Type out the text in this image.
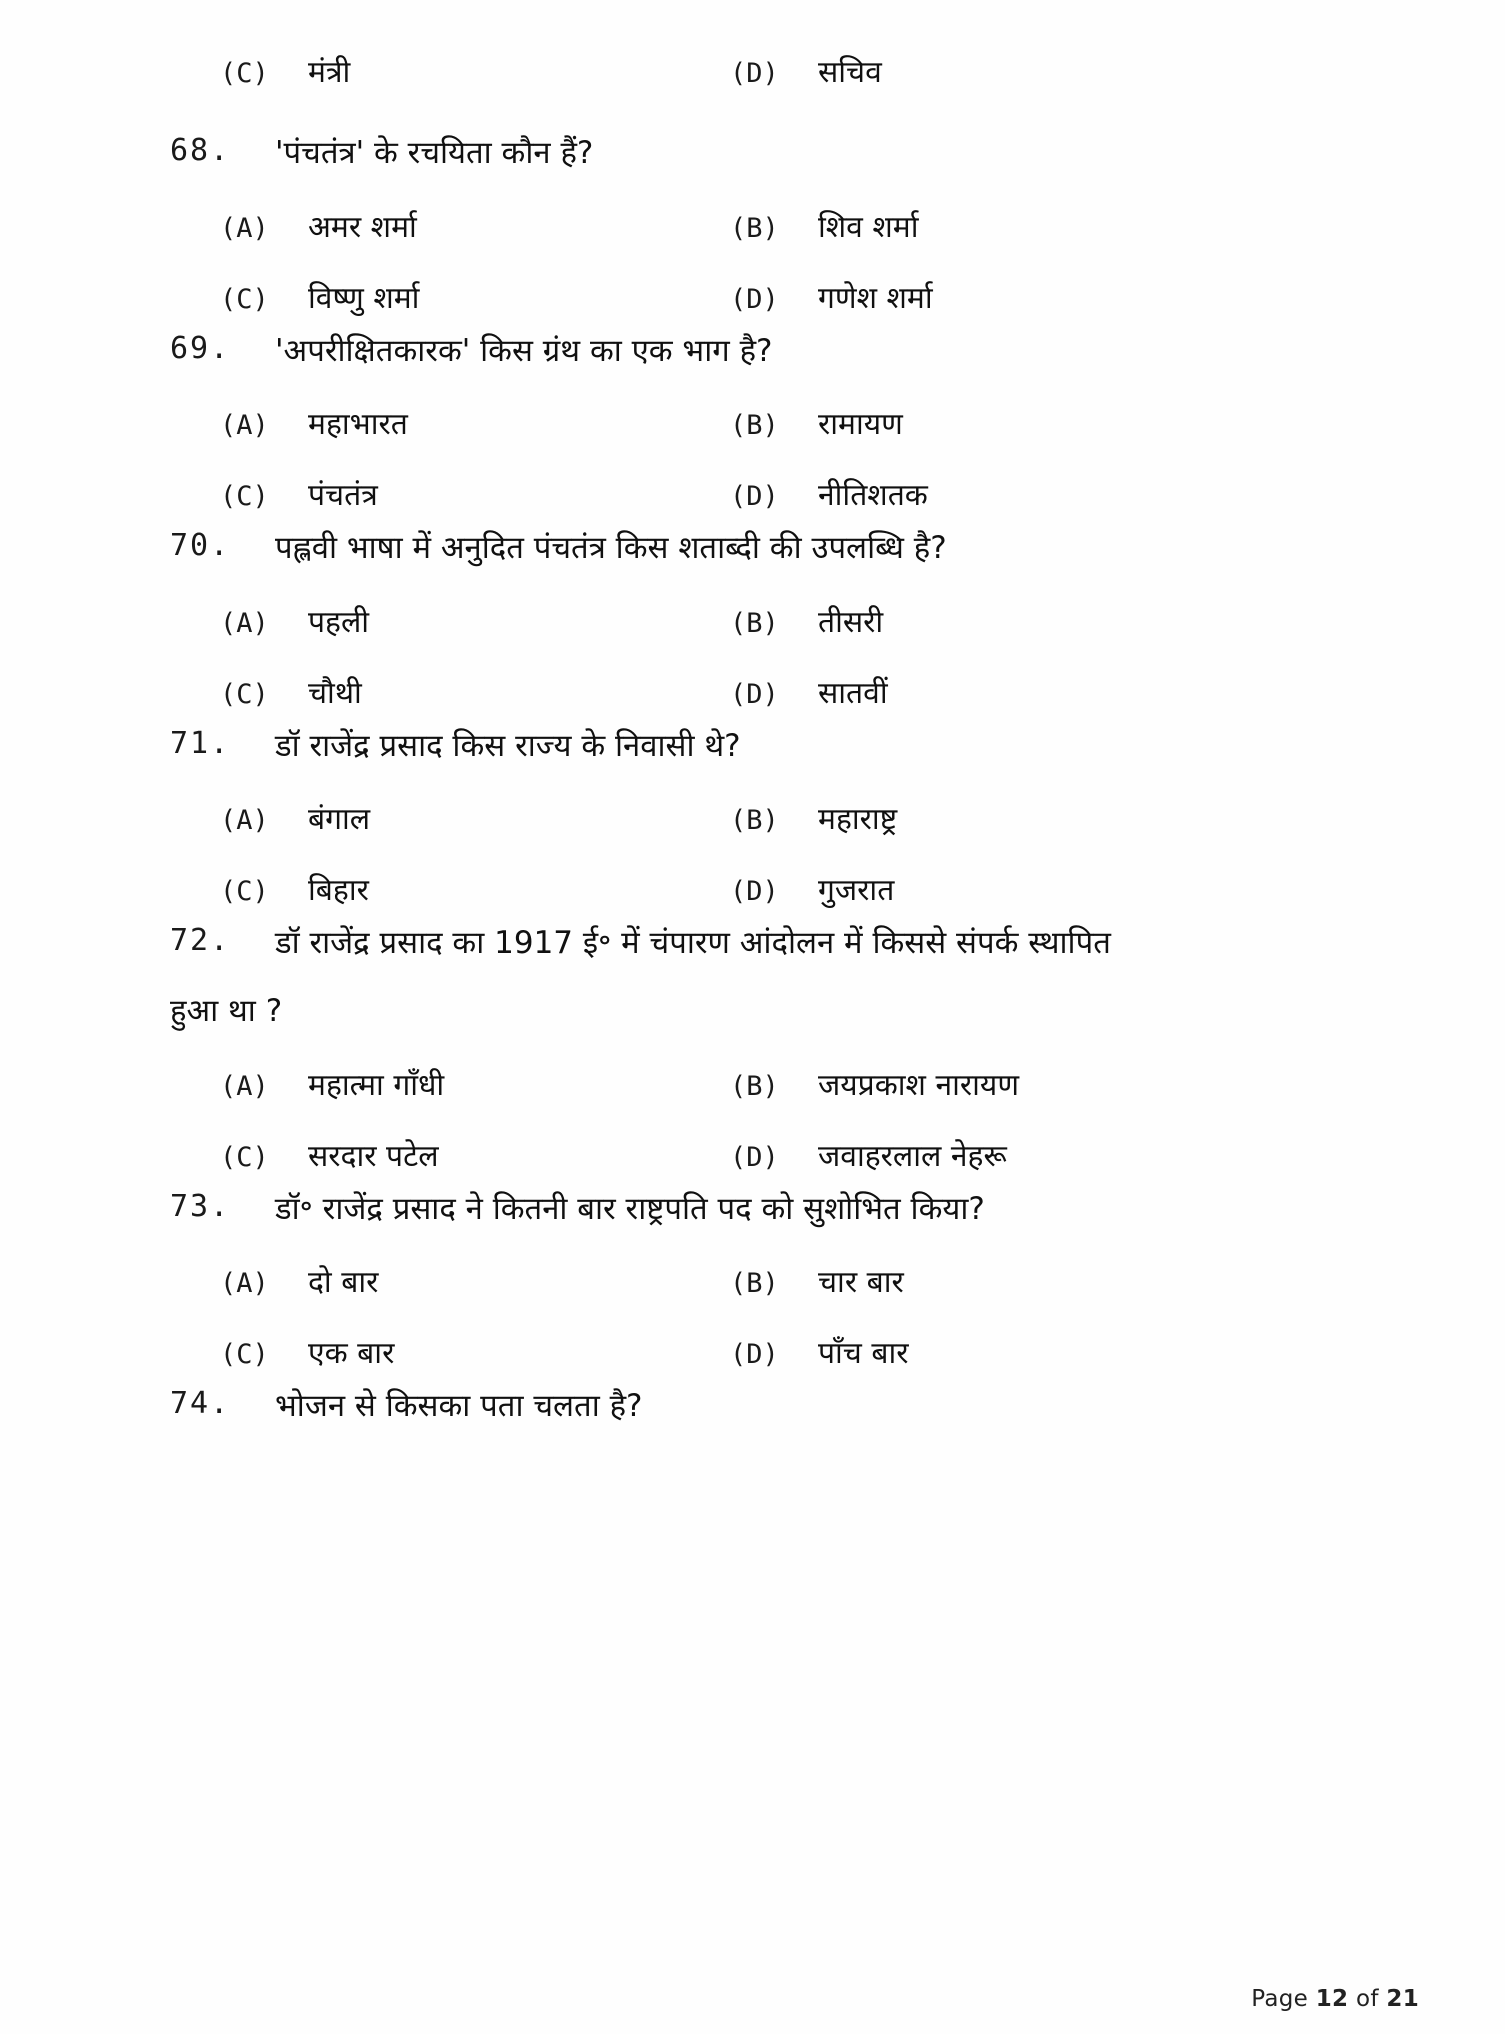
(C)	मंत्री	(D)	सचिव
68.	'पंचतंत्र' के रचयिता कौन हैं?
(A)	अमर शर्मा	(B)	शिव शर्मा
(C)	विष्णु शर्मा	(D)	गणेश शर्मा
69.	'अपरीक्षितकारक' किस ग्रंथ का एक भाग है?
(A)	महाभारत	(B)	रामायण
(C)	पंचतंत्र	(D)	नीतिशतक
70.	पह्लवी भाषा में अनुदित पंचतंत्र किस शताब्दी की उपलब्धि है?
(A)	पहली	(B)	तीसरी
(C)	चौथी	(D)	सातवीं
71.	डॉ राजेंद्र प्रसाद किस राज्य के निवासी थे?
(A)	बंगाल	(B)	महाराष्ट्र
(C)	बिहार	(D)	गुजरात
72.	डॉ राजेंद्र प्रसाद का 1917 ई॰ में चंपारण आंदोलन में किससे संपर्क स्थापित
हुआ था ?
(A)	महात्मा गाँधी	(B)	जयप्रकाश नारायण
(C)	सरदार पटेल	(D)	जवाहरलाल नेहरू
73.	डॉ॰ राजेंद्र प्रसाद ने कितनी बार राष्ट्रपति पद को सुशोभित किया?
(A)	दो बार	(B)	चार बार
(C)	एक बार	(D)	पाँच बार
74.	भोजन से किसका पता चलता है?
Page 12 of 21
